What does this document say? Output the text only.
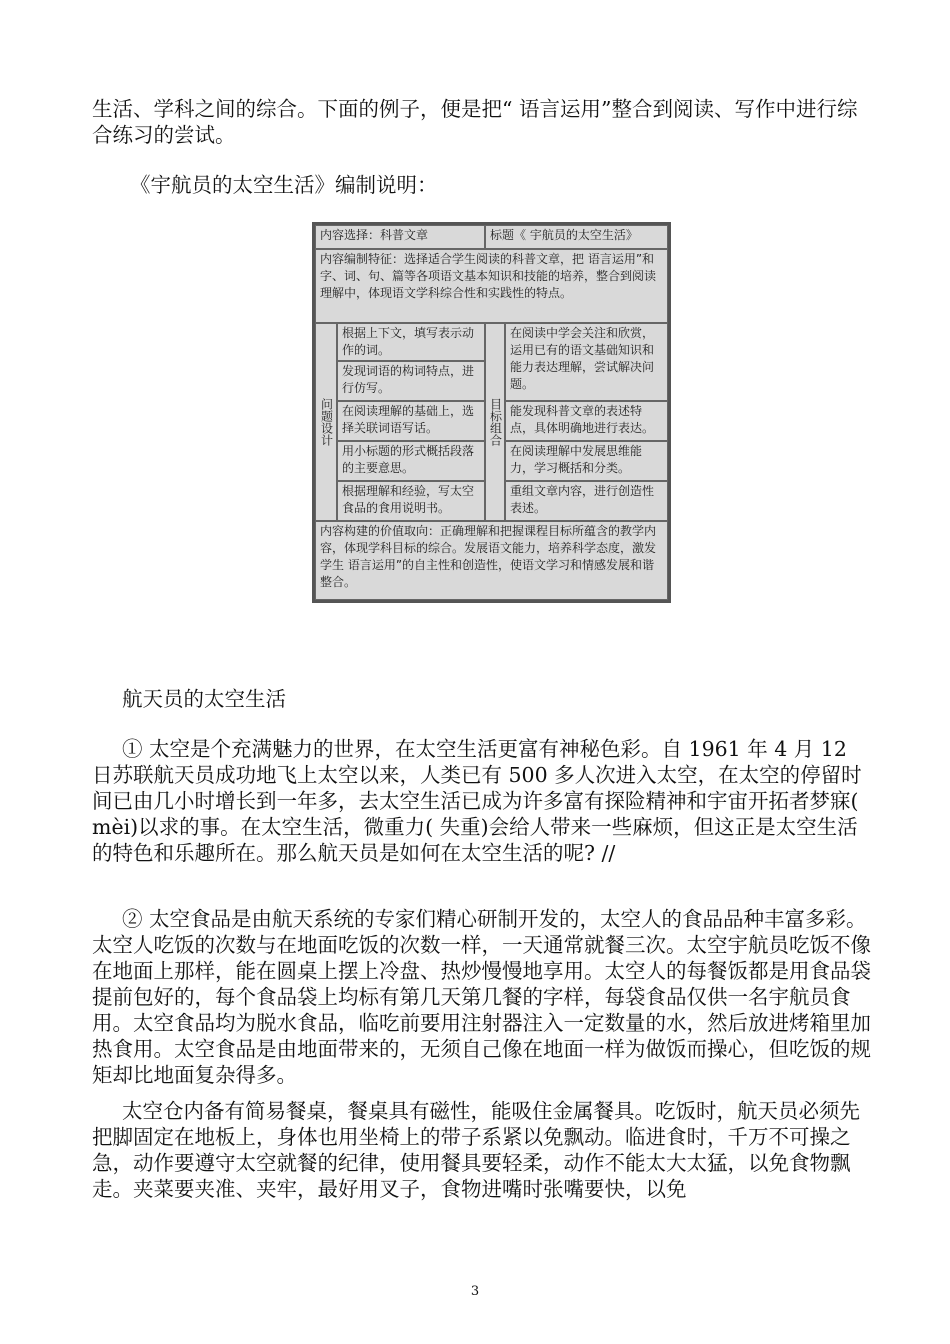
生活、学科之间的综合。下面的例子，便是把“ 语言运用”整合到阅读、写作中进行综合练习的尝试。

《宇航员的太空生活》编制说明：

内容选择：科普文章	标题《 宇航员的太空生活》
内容编制特征：选择适合学生阅读的科普文章，把 语言运用”和字、词、句、篇等各项语文基本知识和技能的培养，整合到阅读理解中，体现语文学科综合性和实践性的特点。
问题设计
根据上下文，填写表示动作的词。
发现词语的构词特点，进行仿写。
在阅读理解的基础上，选择关联词语写话。
用小标题的形式概括段落的主要意思。
根据理解和经验，写太空食品的食用说明书。
目标组合
在阅读中学会关注和欣赏，运用已有的语文基础知识和能力表达理解，尝试解决问题。
能发现科普文章的表述特点，具体明确地进行表达。
在阅读理解中发展思维能力，学习概括和分类。
重组文章内容，进行创造性表述。
内容构建的价值取向：正确理解和把握课程目标所蕴含的教学内容，体现学科目标的综合。发展语文能力，培养科学态度，激发学生 语言运用”的自主性和创造性，使语文学习和情感发展和谐整合。

航天员的太空生活

① 太空是个充满魅力的世界，在太空生活更富有神秘色彩。自 1961 年 4 月 12 日苏联航天员成功地飞上太空以来，人类已有 500 多人次进入太空，在太空的停留时间已由几小时增长到一年多，去太空生活已成为许多富有探险精神和宇宙开拓者梦寐( mèi)以求的事。在太空生活，微重力( 失重)会给人带来一些麻烦，但这正是太空生活的特色和乐趣所在。那么航天员是如何在太空生活的呢? //

② 太空食品是由航天系统的专家们精心研制开发的，太空人的食品品种丰富多彩。太空人吃饭的次数与在地面吃饭的次数一样，一天通常就餐三次。太空宇航员吃饭不像在地面上那样，能在圆桌上摆上冷盘、热炒慢慢地享用。太空人的每餐饭都是用食品袋提前包好的，每个食品袋上均标有第几天第几餐的字样，每袋食品仅供一名宇航员食用。太空食品均为脱水食品，临吃前要用注射器注入一定数量的水，然后放进烤箱里加热食用。太空食品是由地面带来的，无须自己像在地面一样为做饭而操心，但吃饭的规矩却比地面复杂得多。

太空仓内备有简易餐桌，餐桌具有磁性，能吸住金属餐具。吃饭时，航天员必须先把脚固定在地板上，身体也用坐椅上的带子系紧以免飘动。临进食时，千万不可操之急，动作要遵守太空就餐的纪律，使用餐具要轻柔，动作不能太大太猛，以免食物飘走。夹菜要夹准、夹牢，最好用叉子，食物进嘴时张嘴要快，以免

3
